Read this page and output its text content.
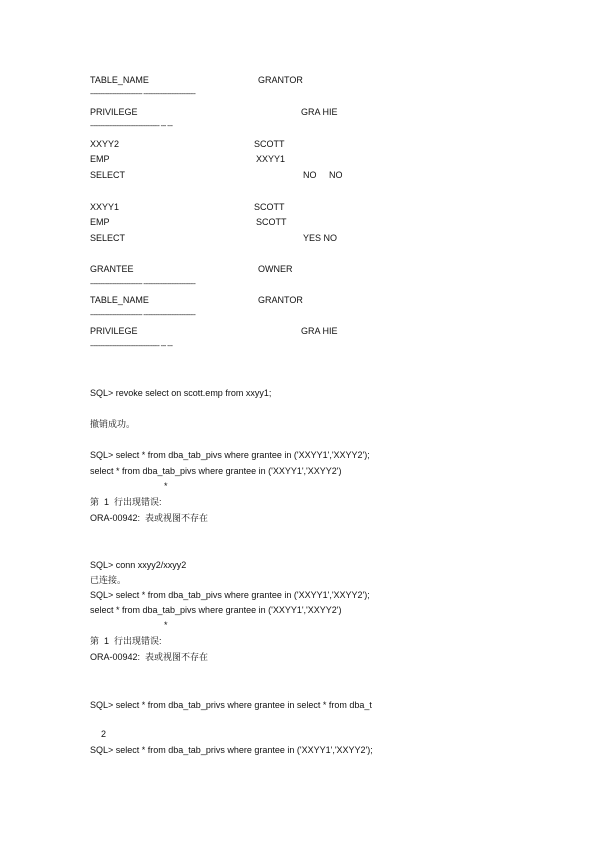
TABLE_NAME	GRANTOR
------------------------------ ------------------------------
PRIVILEGE	GRA HIE
---------------------------------------- --- ---
XXYY2	SCOTT
EMP	XXYY1
SELECT	NO     NO
XXYY1	SCOTT
EMP	SCOTT
SELECT	YES NO
GRANTEE	OWNER
------------------------------ ------------------------------
TABLE_NAME	GRANTOR
------------------------------ ------------------------------
PRIVILEGE	GRA HIE
---------------------------------------- --- ---
SQL> revoke select on scott.emp from xxyy1;
撤销成功。
SQL> select * from dba_tab_pivs where grantee in ('XXYY1','XXYY2');
select * from dba_tab_pivs where grantee in ('XXYY1','XXYY2')
*
第  1  行出现错误:
ORA-00942:  表或视图不存在
SQL> conn xxyy2/xxyy2
已连接。
SQL> select * from dba_tab_pivs where grantee in ('XXYY1','XXYY2');
select * from dba_tab_pivs where grantee in ('XXYY1','XXYY2')
*
第  1  行出现错误:
ORA-00942:  表或视图不存在
SQL> select * from dba_tab_privs where grantee in select * from dba_t
2
SQL> select * from dba_tab_privs where grantee in ('XXYY1','XXYY2');
